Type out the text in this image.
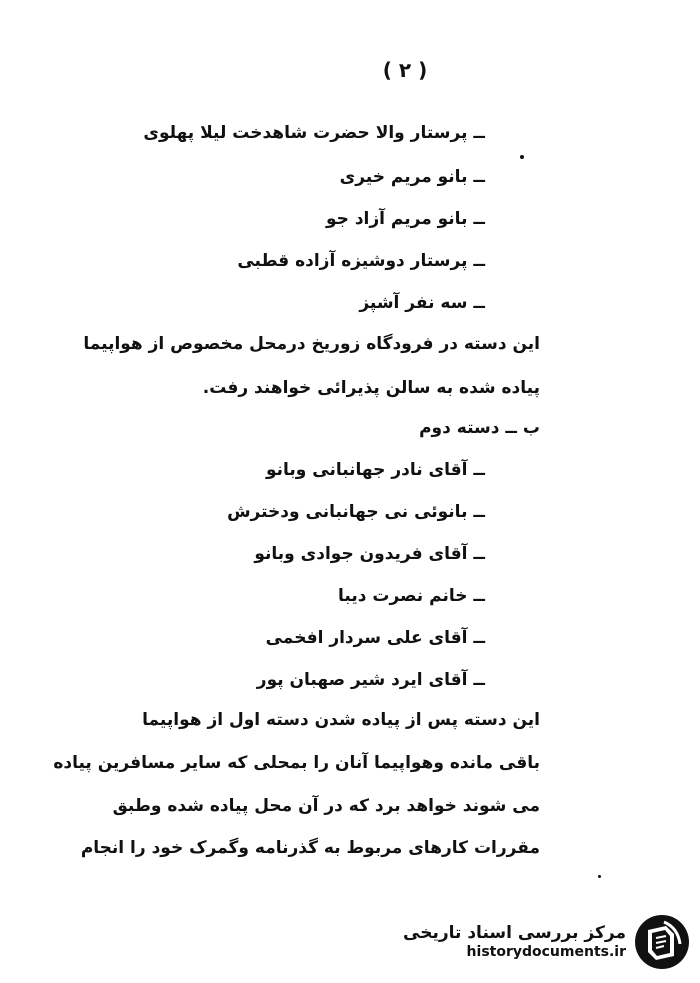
( ٢ )
ــ پرستار والا حضرت شاهدخت لیلا پهلوی
ــ بانو مریم خیری
ــ بانو مریم آزاد جو
ــ پرستار دوشیزه آزاده قطبی
ــ سه نفر آشپز
این دسته در فرودگاه زوریخ درمحل مخصوص از هواپیما
پیاده شده به سالن پذیرائی خواهند رفت.
ب ــ دسته دوم
ــ آقای نادر جهانبانی وبانو
ــ بانوئی نی جهانبانی ودخترش
ــ آقای فریدون جوادی وبانو
ــ خانم نصرت دیبا
ــ آقای علی سردار افخمی
ــ آقای ایرد شیر صهبان پور
این دسته پس از پیاده شدن دسته اول از هواپیما
باقی مانده وهواپیما آنان را بمحلی که سایر مسافرین پیاده
می شوند خواهد برد که در آن محل پیاده شده وطبق
مقررات کارهای مربوط به گذرنامه وگمرک خود را انجام
مرکز بررسی اسناد تاریخی
historydocuments.ir
